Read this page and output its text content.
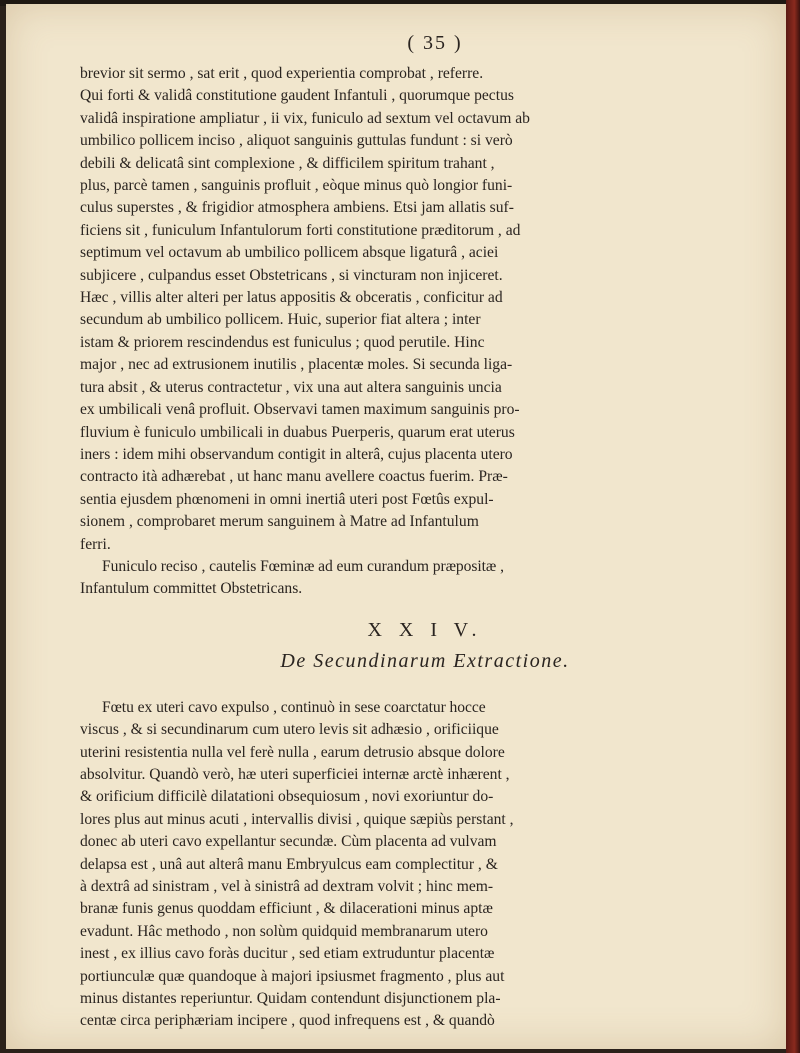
( 35 )

brevior sit sermo , sat erit , quod experientia comprobat , referre.

Qui forti & validâ constitutione gaudent Infantuli , quorumque pectus

validâ inspiratione ampliatur , ii vix, funiculo ad sextum vel octavum ab

umbilico pollicem inciso , aliquot sanguinis guttulas fundunt : si verò

debili & delicatâ sint complexione , & difficilem spiritum trahant ,

plus, parcè tamen , sanguinis profluit , eòque minus quò longior funi-

culus superstes , & frigidior atmosphera ambiens. Etsi jam allatis suf-

ficiens sit , funiculum Infantulorum forti constitutione præditorum , ad

septimum vel octavum ab umbilico pollicem absque ligaturâ , aciei

subjicere , culpandus esset Obstetricans , si vincturam non injiceret.

Hæc , villis alter alteri per latus appositis & obceratis , conficitur ad

secundum ab umbilico pollicem. Huic, superior fiat altera ; inter

istam & priorem rescindendus est funiculus ; quod perutile. Hinc

major , nec ad extrusionem inutilis , placentæ moles. Si secunda liga-

tura absit , & uterus contractetur , vix una aut altera sanguinis uncia

ex umbilicali venâ profluit. Observavi tamen maximum sanguinis pro-

fluvium è funiculo umbilicali in duabus Puerperis, quarum erat uterus

iners : idem mihi observandum contigit in alterâ, cujus placenta utero

contracto ità adhærebat , ut hanc manu avellere coactus fuerim. Præ-

sentia ejusdem phœnomeni in omni inertiâ uteri post Fœtûs expul-

sionem , comprobaret merum sanguinem à Matre ad Infantulum

ferri.

Funiculo reciso , cautelis Fœminæ ad eum curandum præpositæ ,

Infantulum committet Obstetricans.

X X I V.
De Secundinarum Extractione.

Fœtu ex uteri cavo expulso , continuò in sese coarctatur hocce

viscus , & si secundinarum cum utero levis sit adhæsio , orificiique

uterini resistentia nulla vel ferè nulla , earum detrusio absque dolore

absolvitur. Quandò verò, hæ uteri superficiei internæ arctè inhærent ,

& orificium difficilè dilatationi obsequiosum , novi exoriuntur do-

lores plus aut minus acuti , intervallis divisi , quique sæpiùs perstant ,

donec ab uteri cavo expellantur secundæ. Cùm placenta ad vulvam

delapsa est , unâ aut alterâ manu Embryulcus eam complectitur , &

à dextrâ ad sinistram , vel à sinistrâ ad dextram volvit ; hinc mem-

branæ funis genus quoddam efficiunt , & dilacerationi minus aptæ

evadunt. Hâc methodo , non solùm quidquid membranarum utero

inest , ex illius cavo foràs ducitur , sed etiam extruduntur placentæ

portiunculæ quæ quandoque à majori ipsiusmet fragmento , plus aut

minus distantes reperiuntur. Quidam contendunt disjunctionem pla-

centæ circa periphæriam incipere , quod infrequens est , & quandò
